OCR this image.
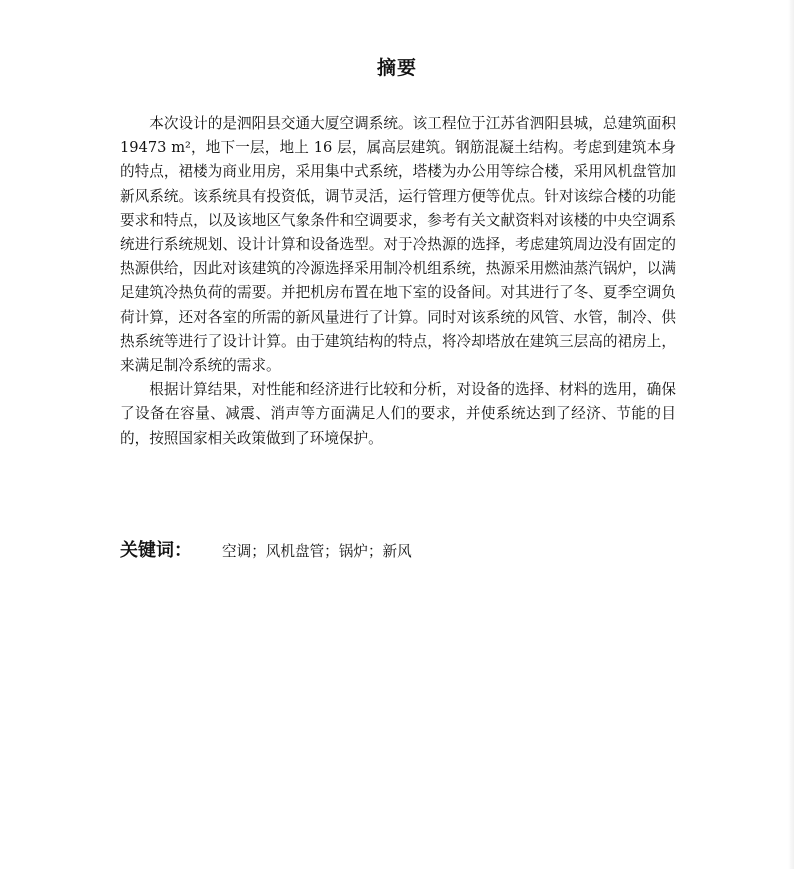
摘要

本次设计的是泗阳县交通大厦空调系统。该工程位于江苏省泗阳县城，总建筑面积 19473 m²，地下一层，地上 16 层，属高层建筑。钢筋混凝土结构。考虑到建筑本身的特点，裙楼为商业用房，采用集中式系统，塔楼为办公用等综合楼，采用风机盘管加新风系统。该系统具有投资低，调节灵活，运行管理方便等优点。针对该综合楼的功能要求和特点，以及该地区气象条件和空调要求，参考有关文献资料对该楼的中央空调系统进行系统规划、设计计算和设备选型。对于冷热源的选择，考虑建筑周边没有固定的热源供给，因此对该建筑的冷源选择采用制冷机组系统，热源采用燃油蒸汽锅炉，以满足建筑冷热负荷的需要。并把机房布置在地下室的设备间。对其进行了冬、夏季空调负荷计算，还对各室的所需的新风量进行了计算。同时对该系统的风管、水管，制冷、供热系统等进行了设计计算。由于建筑结构的特点，将冷却塔放在建筑三层高的裙房上，来满足制冷系统的需求。

根据计算结果，对性能和经济进行比较和分析，对设备的选择、材料的选用，确保了设备在容量、减震、消声等方面满足人们的要求，并使系统达到了经济、节能的目的，按照国家相关政策做到了环境保护。

关键词： 空调；风机盘管；锅炉；新风
